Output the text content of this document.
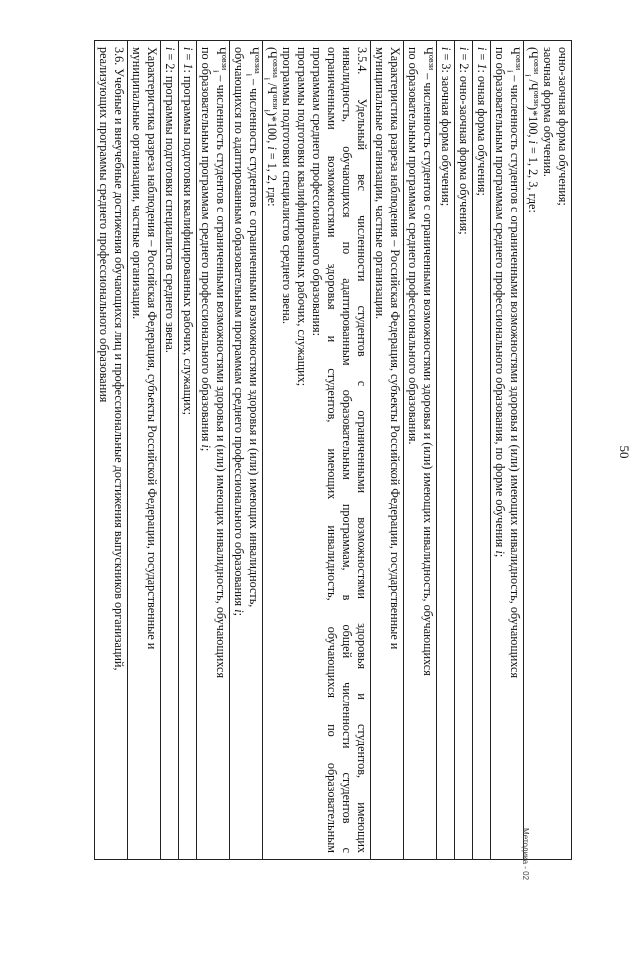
50
очно-заочная форма обучения;
заочная форма обучения.
($Ч^{овзи}_i$ $/Ч^{овзи})*100$, i = 1, 2, 3, где:

$Ч^{овзи}_i$ – численность студентов с ограниченными возможностями здоровья и (или) имеющих инвалидность, обучающихся
по образовательным программам среднего профессионального образования, по форме обучения i;

i = 1: очная форма обучения;

i = 2: очно-заочная форма обучения;

i = 3: заочная форма обучения;

$Ч^{овзи}$ – численность студентов с ограниченными возможностями здоровья и (или) имеющих инвалидность, обучающихся
по образовательным программам среднего профессионального образования.

Характеристика разреза наблюдения – Российская Федерация, субъекты Российской Федерации, государственные и
муниципальные организации, частные организации.

3.5.4. Удельный вес численности студентов с ограниченными возможностями здоровья и студентов, имеющих
инвалидность, обучающихся по адаптированным образовательным программам, в общей численности студентов с
ограниченными возможностями здоровья и студентов, имеющих инвалидность, обучающихся по образовательным
программам среднего профессионального образования:
программы подготовки квалифицированных рабочих, служащих;
программы подготовки специалистов среднего звена.
($Ч^{овзиа}_i$ $/Ч^{овзи}_i)*100$, i = 1, 2, где:

$Ч^{овзиа}_i$ – численность студентов с ограниченными возможностями здоровья и (или) имеющих инвалидность,
обучающихся по адаптированным образовательным программам среднего профессионального образования i;

$Ч^{овзи}_i$ – численность студентов с ограниченными возможностями здоровья и (или) имеющих инвалидность, обучающихся
по образовательным программам среднего профессионального образования i;

i = 1: программы подготовки квалифицированных рабочих, служащих;

i = 2: программы подготовки специалистов среднего звена.

Характеристика разреза наблюдения – Российская Федерация, субъекты Российской Федерации, государственные и
муниципальные организации, частные организации.

3.6. Учебные и внеучебные достижения обучающихся лиц и профессиональные достижения выпускников организаций,
реализующих программы среднего профессионального образования
Методика - 02
